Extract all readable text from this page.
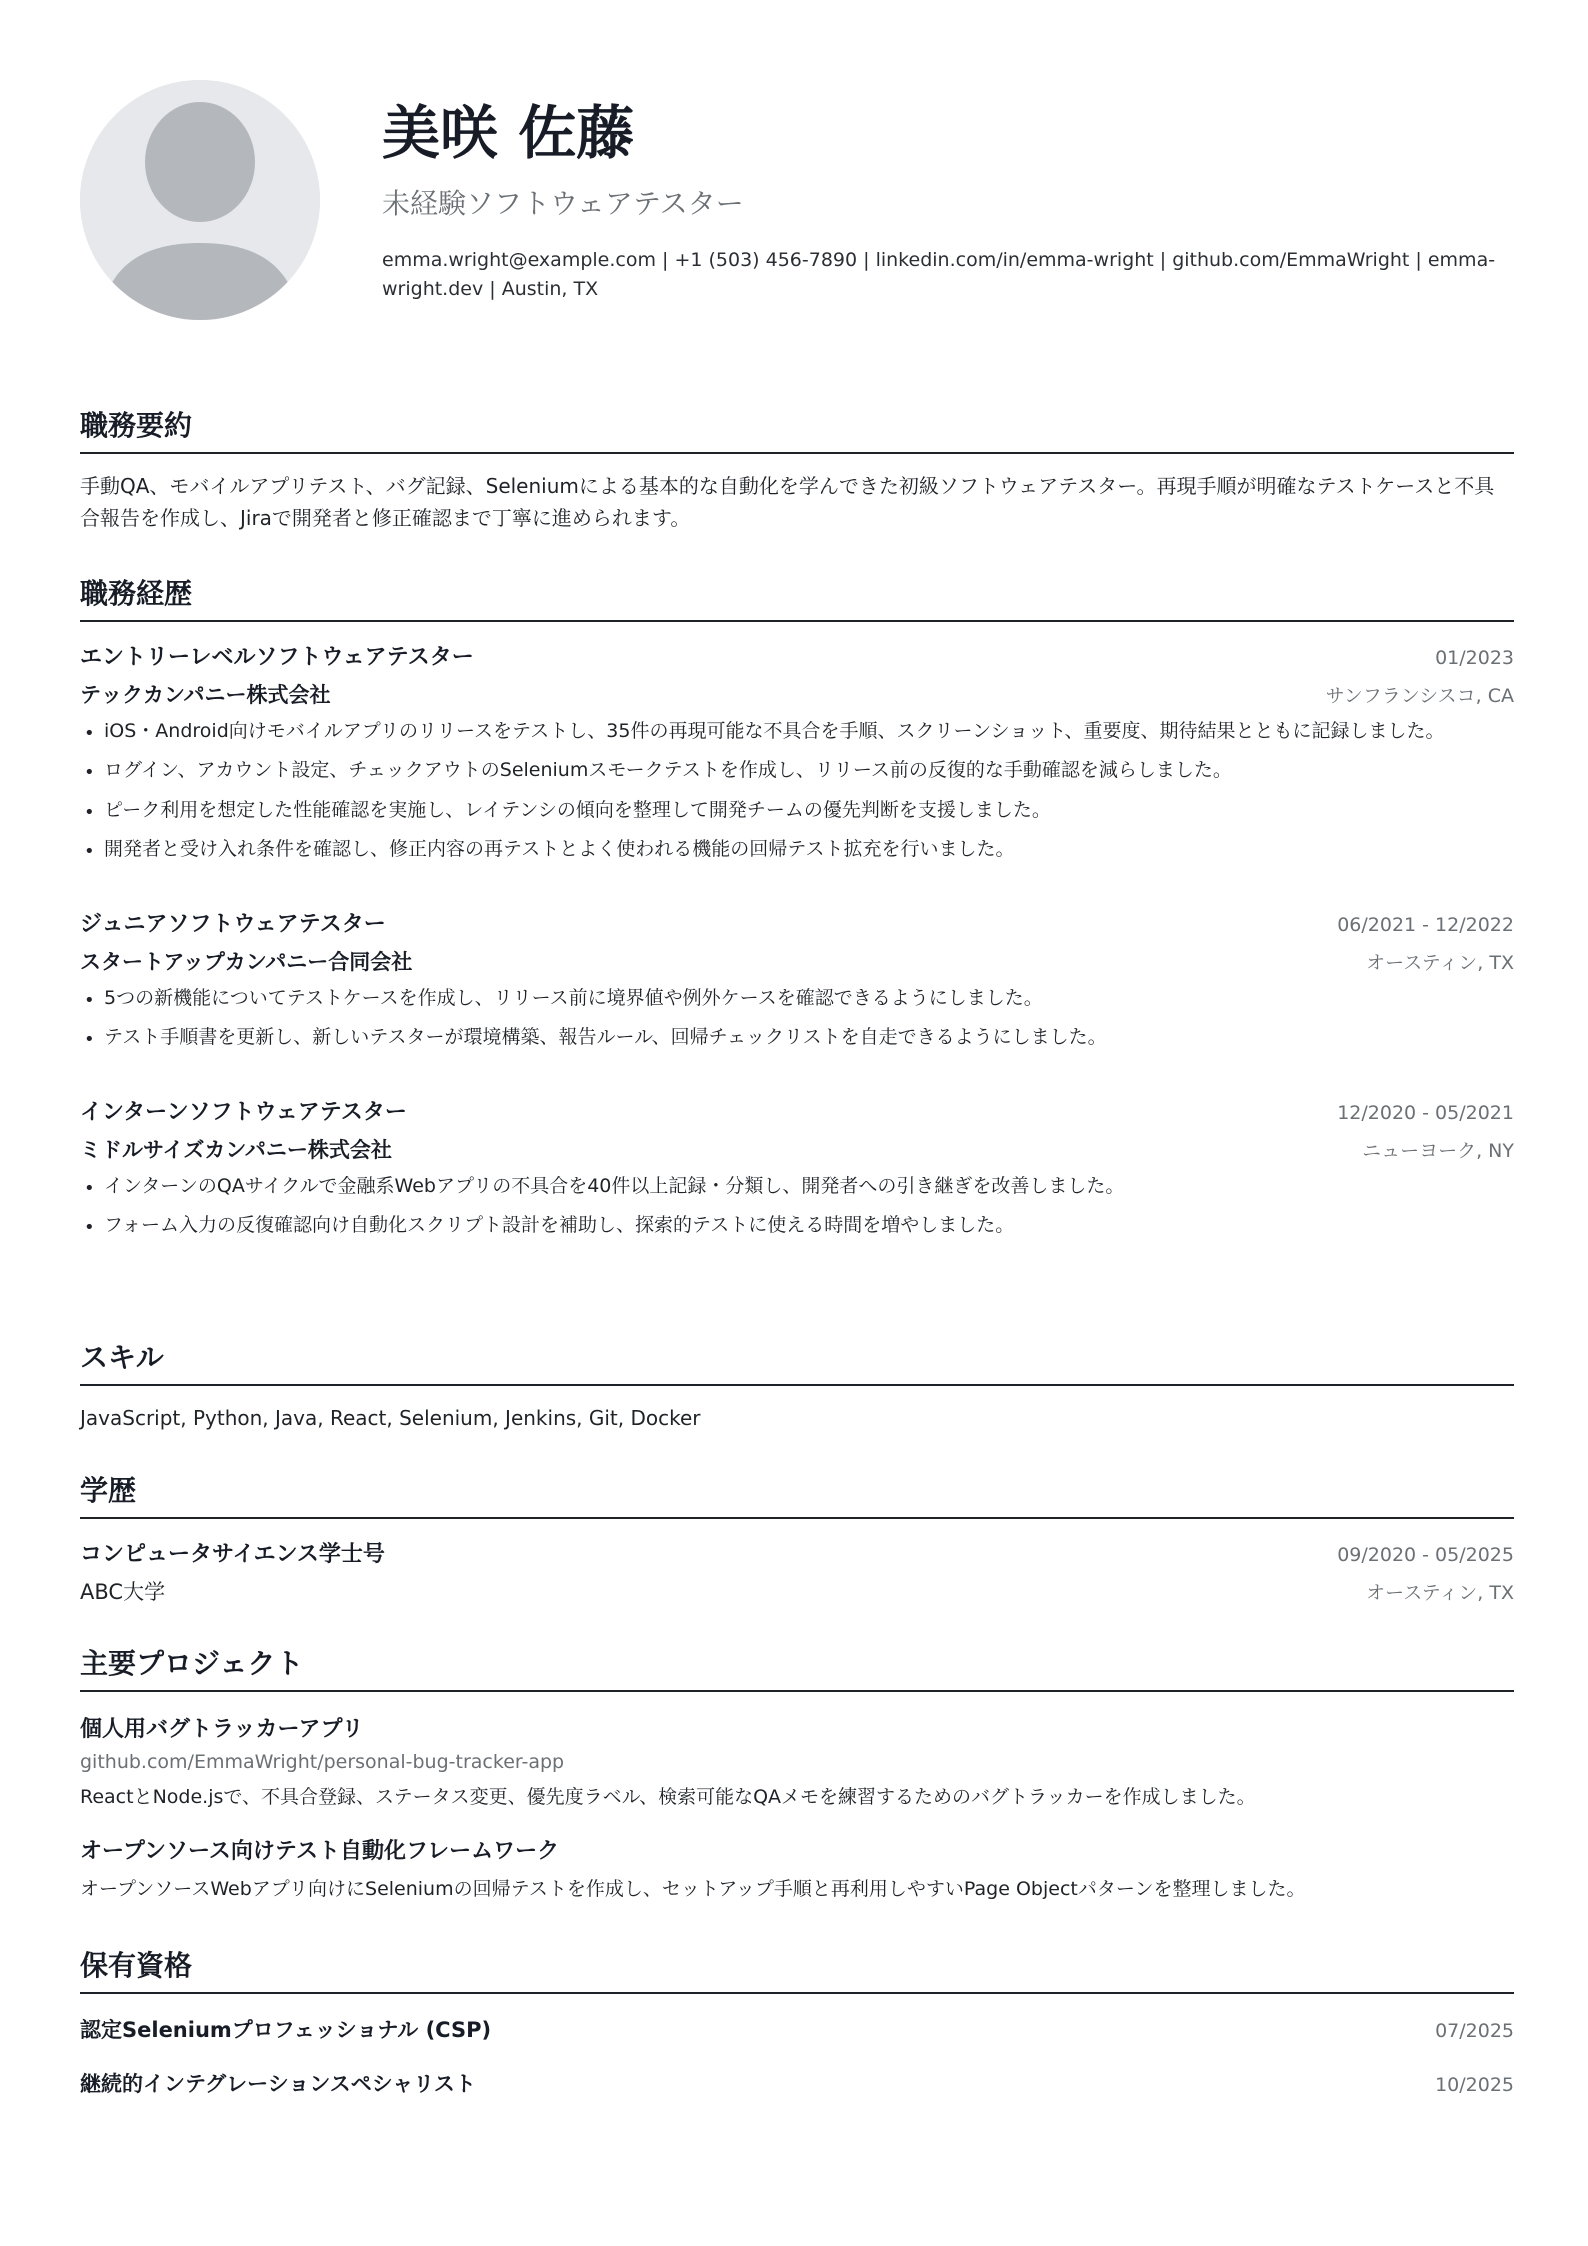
美咲 佐藤
未経験ソフトウェアテスター
emma.wright@example.com | +1 (503) 456-7890 | linkedin.com/in/emma-wright | github.com/EmmaWright | emma-wright.dev | Austin, TX
職務要約
手動QA、モバイルアプリテスト、バグ記録、Seleniumによる基本的な自動化を学んできた初級ソフトウェアテスター。再現手順が明確なテストケースと不具合報告を作成し、Jiraで開発者と修正確認まで丁寧に進められます。
職務経歴
エントリーレベルソフトウェアテスター	01/2023
テックカンパニー株式会社	サンフランシスコ, CA
• iOS・Android向けモバイルアプリのリリースをテストし、35件の再現可能な不具合を手順、スクリーンショット、重要度、期待結果とともに記録しました。
• ログイン、アカウント設定、チェックアウトのSeleniumスモークテストを作成し、リリース前の反復的な手動確認を減らしました。
• ピーク利用を想定した性能確認を実施し、レイテンシの傾向を整理して開発チームの優先判断を支援しました。
• 開発者と受け入れ条件を確認し、修正内容の再テストとよく使われる機能の回帰テスト拡充を行いました。
ジュニアソフトウェアテスター	06/2021 - 12/2022
スタートアップカンパニー合同会社	オースティン, TX
• 5つの新機能についてテストケースを作成し、リリース前に境界値や例外ケースを確認できるようにしました。
• テスト手順書を更新し、新しいテスターが環境構築、報告ルール、回帰チェックリストを自走できるようにしました。
インターンソフトウェアテスター	12/2020 - 05/2021
ミドルサイズカンパニー株式会社	ニューヨーク, NY
• インターンのQAサイクルで金融系Webアプリの不具合を40件以上記録・分類し、開発者への引き継ぎを改善しました。
• フォーム入力の反復確認向け自動化スクリプト設計を補助し、探索的テストに使える時間を増やしました。
スキル
JavaScript, Python, Java, React, Selenium, Jenkins, Git, Docker
学歴
コンピュータサイエンス学士号	09/2020 - 05/2025
ABC大学	オースティン, TX
主要プロジェクト
個人用バグトラッカーアプリ
github.com/EmmaWright/personal-bug-tracker-app
ReactとNode.jsで、不具合登録、ステータス変更、優先度ラベル、検索可能なQAメモを練習するためのバグトラッカーを作成しました。
オープンソース向けテスト自動化フレームワーク
オープンソースWebアプリ向けにSeleniumの回帰テストを作成し、セットアップ手順と再利用しやすいPage Objectパターンを整理しました。
保有資格
認定Seleniumプロフェッショナル (CSP)	07/2025
継続的インテグレーションスペシャリスト	10/2025
